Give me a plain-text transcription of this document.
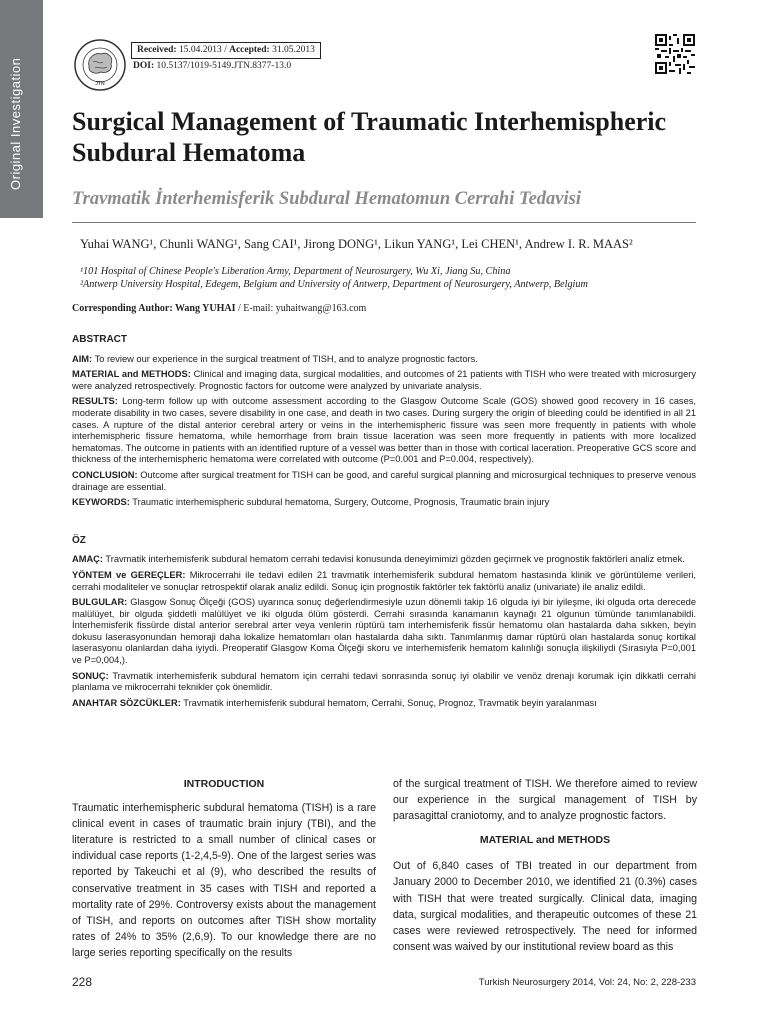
Original Investigation	JTN
Received: 15.04.2013 / Accepted: 31.05.2013
DOI: 10.5137/1019-5149.JTN.8377-13.0
Surgical Management of Traumatic Interhemispheric Subdural Hematoma
Travmatik İnterhemisferik Subdural Hematomun Cerrahi Tedavisi
Yuhai WANG¹, Chunli WANG¹, Sang CAI¹, Jirong DONG¹, Likun YANG¹, Lei CHEN¹, Andrew I. R. MAAS²
¹101 Hospital of Chinese People's Liberation Army, Department of Neurosurgery, Wu Xi, Jiang Su, China
²Antwerp University Hospital, Edegem, Belgium and University of Antwerp, Department of Neurosurgery, Antwerp, Belgium
Corresponding Author: Wang YUHAI / E-mail: yuhaitwang@163.com
ABSTRACT

AIM: To review our experience in the surgical treatment of TISH, and to analyze prognostic factors.

MATERIAL and METHODS: Clinical and imaging data, surgical modalities, and outcomes of 21 patients with TISH who were treated with microsurgery were analyzed retrospectively. Prognostic factors for outcome were analyzed by univariate analysis.

RESULTS: Long-term follow up with outcome assessment according to the Glasgow Outcome Scale (GOS) showed good recovery in 16 cases, moderate disability in two cases, severe disability in one case, and death in two cases. During surgery the origin of bleeding could be identified in all 21 cases. A rupture of the distal anterior cerebral artery or veins in the interhemispheric fissure was seen more frequently in patients with whole interhemispheric fissure hematoma, while hemorrhage from brain tissue laceration was seen more frequently in patients with more localized hematomas. The outcome in patients with an identified rupture of a vessel was better than in those with cortical laceration. Preoperative GCS score and thickness of the interhemispheric hematoma were correlated with outcome (P=0.001 and P=0.004, respectively).

CONCLUSION: Outcome after surgical treatment for TISH can be good, and careful surgical planning and microsurgical techniques to preserve venous drainage are essential.

KEYWORDS: Traumatic interhemispheric subdural hematoma, Surgery, Outcome, Prognosis, Traumatic brain injury

ÖZ

AMAÇ: Travmatik interhemisferik subdural hematom cerrahi tedavisi konusunda deneyimimizi gözden geçirmek ve prognostik faktörleri analiz etmek.

YÖNTEM ve GEREÇLER: Mikrocerrahi ile tedavi edilen 21 travmatik interhemisferik subdural hematom hastasında klinik ve görüntüleme verileri, cerrahi modaliteler ve sonuçlar retrospektif olarak analiz edildi. Sonuç için prognostik faktörler tek faktörlü analiz (univariate) ile analiz edildi.

BULGULAR: Glasgow Sonuç Ölçeği (GOS) uyarınca sonuç değerlendirmesiyle uzun dönemli takip 16 olguda iyi bir iyileşme, iki olguda orta derecede malülüyet, bir olguda şiddetli malülüyet ve iki olguda ölüm gösterdi. Cerrahi sırasında kanamanın kaynağı 21 olgunun tümünde tanımlanabildi. İnterhemisferik fissürde distal anterior serebral arter veya venlerin rüptürü tam interhemisferik fissür hematomu olan hastalarda daha sıkken, beyin dokusu laserasyonundan hemoraji daha lokalize hematomları olan hastalarda daha sıktı. Tanımlanmış damar rüptürü olan hastalarda sonuç kortikal laserasyonu olanlardan daha iyiydi. Preoperatif Glasgow Koma Ölçeği skoru ve interhemisferik hematom kalınlığı sonuçla ilişkiliydi (Sırasıyla P=0,001 ve P=0,004,).

SONUÇ: Travmatik interhemisferik subdural hematom için cerrahi tedavi sonrasında sonuç iyi olabilir ve venöz drenajı korumak için dikkatli cerrahi planlama ve mikrocerrahi teknikler çok önemlidir.

ANAHTAR SÖZCÜKLER: Travmatik interhemisferik subdural hematom, Cerrahi, Sonuç, Prognoz, Travmatik beyin yaralanması

INTRODUCTION

Traumatic interhemispheric subdural hematoma (TISH) is a rare clinical event in cases of traumatic brain injury (TBI), and the literature is restricted to a small number of clinical cases or individual case reports (1-2,4,5-9). One of the largest series was reported by Takeuchi et al (9), who described the results of conservative treatment in 35 cases with TISH and reported a mortality rate of 29%. Controversy exists about the management of TISH, and reports on outcomes after TISH show mortality rates of 24% to 35% (2,6,9). To our knowledge there are no large series reporting specifically on the results

of the surgical treatment of TISH. We therefore aimed to review our experience in the surgical management of TISH by parasagittal craniotomy, and to analyze prognostic factors.

MATERIAL and METHODS

Out of 6,840 cases of TBI treated in our department from January 2000 to December 2010, we identified 21 (0.3%) cases with TISH that were treated surgically. Clinical data, imaging data, surgical modalities, and therapeutic outcomes of these 21 cases were reviewed retrospectively. The need for informed consent was waived by our institutional review board as this

228	Turkish Neurosurgery 2014, Vol: 24, No: 2, 228-233
